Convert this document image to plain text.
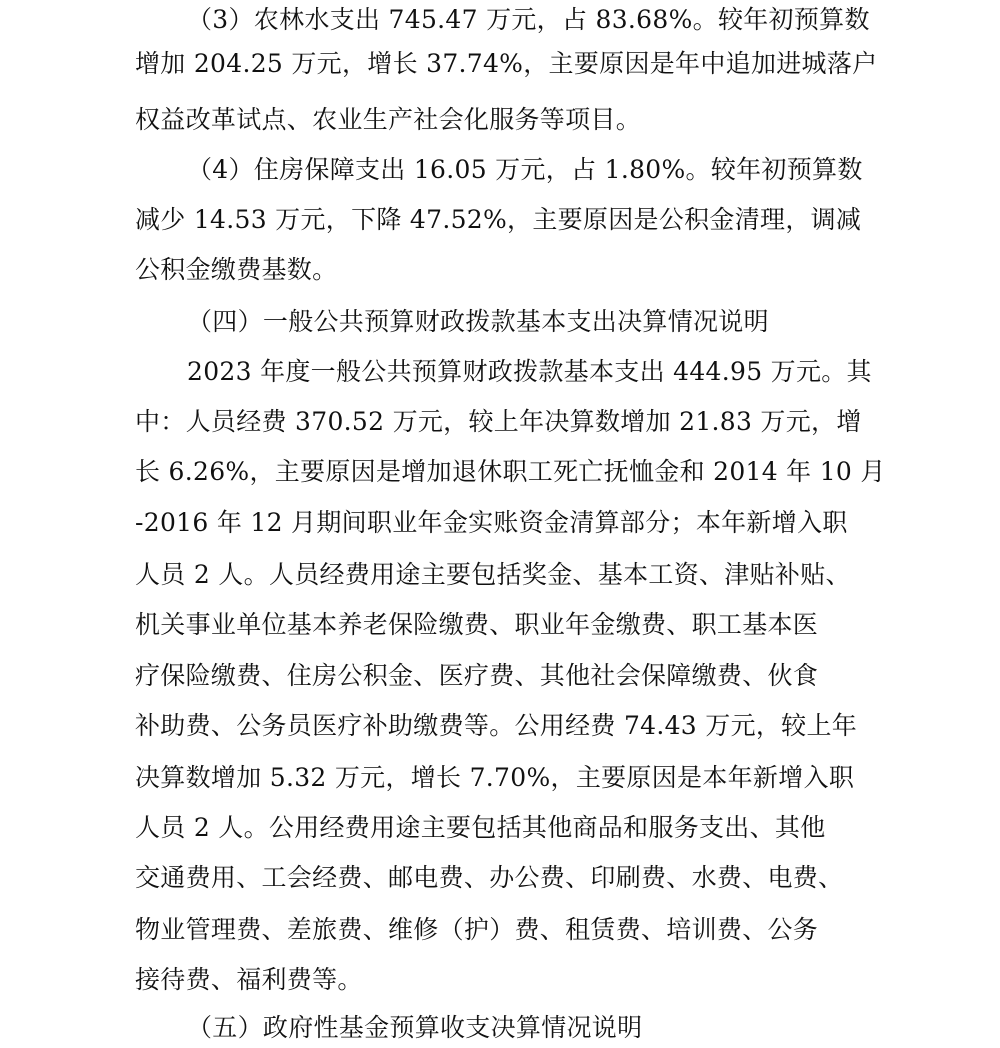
（3）农林水支出 745.47 万元，占 83.68%。较年初预算数
增加 204.25 万元，增长 37.74%，主要原因是年中追加进城落户
权益改革试点、农业生产社会化服务等项目。
（4）住房保障支出 16.05 万元，占 1.80%。较年初预算数
减少 14.53 万元，下降 47.52%，主要原因是公积金清理，调减
公积金缴费基数。
（四）一般公共预算财政拨款基本支出决算情况说明
2023 年度一般公共预算财政拨款基本支出 444.95 万元。其
中：人员经费 370.52 万元，较上年决算数增加 21.83 万元，增
长 6.26%，主要原因是增加退休职工死亡抚恤金和 2014 年 10 月
-2016 年 12 月期间职业年金实账资金清算部分；本年新增入职
人员 2 人。人员经费用途主要包括奖金、基本工资、津贴补贴、
机关事业单位基本养老保险缴费、职业年金缴费、职工基本医
疗保险缴费、住房公积金、医疗费、其他社会保障缴费、伙食
补助费、公务员医疗补助缴费等。公用经费 74.43 万元，较上年
决算数增加 5.32 万元，增长 7.70%，主要原因是本年新增入职
人员 2 人。公用经费用途主要包括其他商品和服务支出、其他
交通费用、工会经费、邮电费、办公费、印刷费、水费、电费、
物业管理费、差旅费、维修（护）费、租赁费、培训费、公务
接待费、福利费等。
（五）政府性基金预算收支决算情况说明
